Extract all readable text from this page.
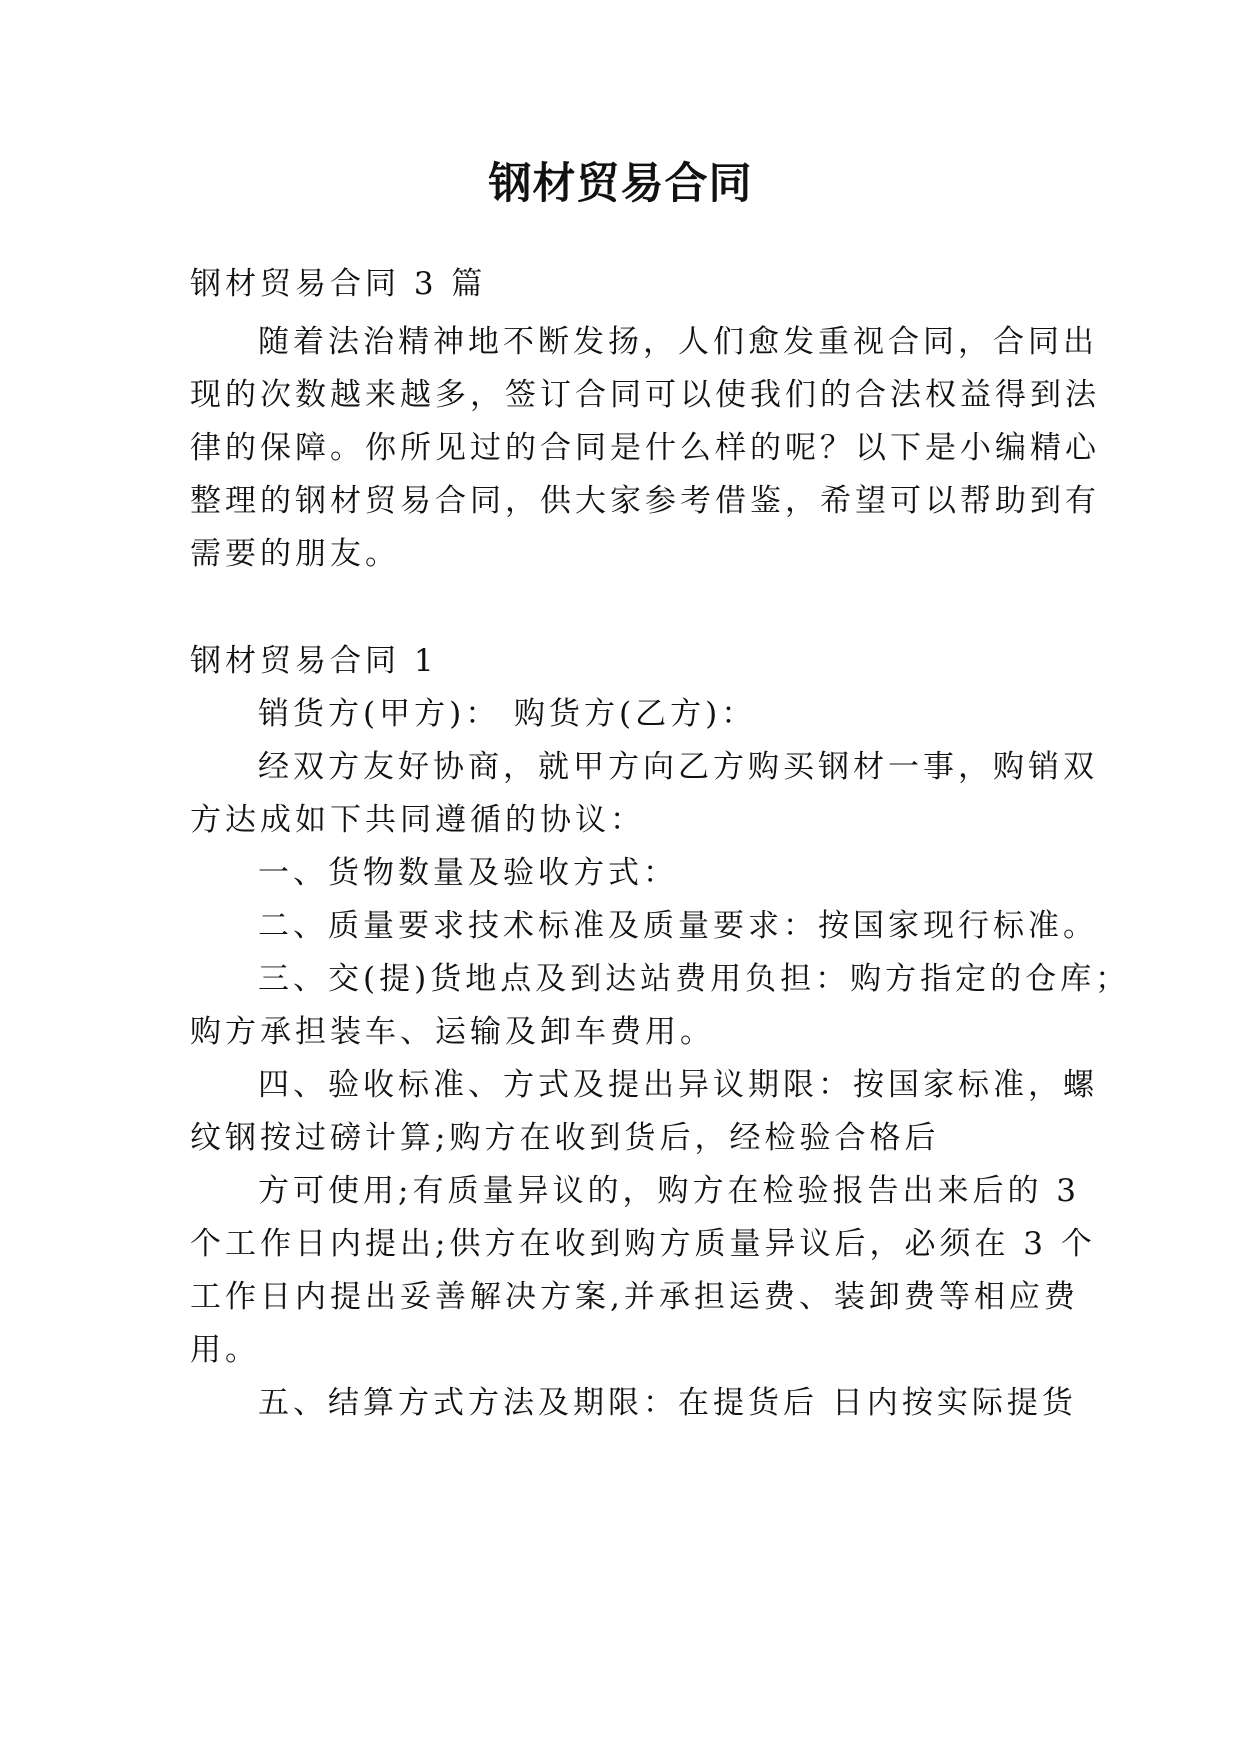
钢材贸易合同
钢材贸易合同 3 篇
随着法治精神地不断发扬，人们愈发重视合同，合同出
现的次数越来越多，签订合同可以使我们的合法权益得到法
律的保障。你所见过的合同是什么样的呢？以下是小编精心
整理的钢材贸易合同，供大家参考借鉴，希望可以帮助到有
需要的朋友。
钢材贸易合同 1
销货方(甲方)： 购货方(乙方)：
经双方友好协商，就甲方向乙方购买钢材一事，购销双
方达成如下共同遵循的协议：
一、货物数量及验收方式：
二、质量要求技术标准及质量要求：按国家现行标准。
三、交(提)货地点及到达站费用负担：购方指定的仓库；
购方承担装车、运输及卸车费用。
四、验收标准、方式及提出异议期限：按国家标准，螺
纹钢按过磅计算;购方在收到货后，经检验合格后
方可使用;有质量异议的，购方在检验报告出来后的 3
个工作日内提出;供方在收到购方质量异议后，必须在 3 个
工作日内提出妥善解决方案,并承担运费、装卸费等相应费
用。
五、结算方式方法及期限：在提货后 日内按实际提货
